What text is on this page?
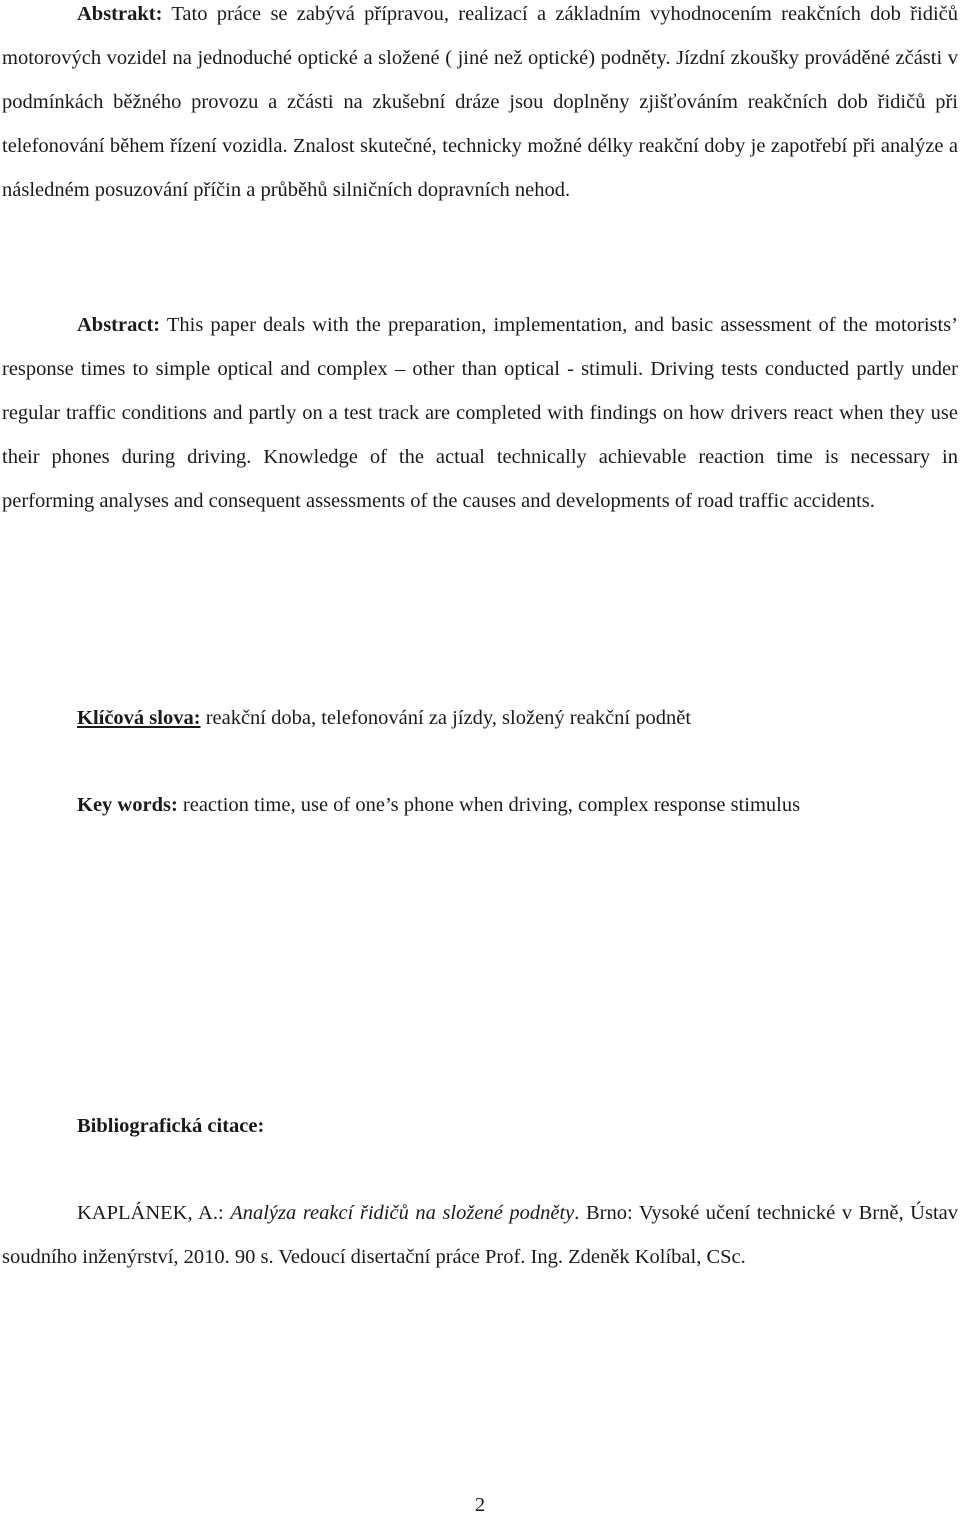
Abstrakt: Tato práce se zabývá přípravou, realizací a základním vyhodnocením reakčních dob řidičů motorových vozidel na jednoduché optické a složené ( jiné než optické) podněty. Jízdní zkoušky prováděné zčásti v podmínkách běžného provozu a zčásti na zkušební dráze jsou doplněny zjišťováním reakčních dob řidičů při telefonování během řízení vozidla. Znalost skutečné, technicky možné délky reakční doby je zapotřebí při analýze a následném posuzování příčin a průběhů silničních dopravních nehod.

Abstract: This paper deals with the preparation, implementation, and basic assessment of the motorists’ response times to simple optical and complex – other than optical - stimuli. Driving tests conducted partly under regular traffic conditions and partly on a test track are completed with findings on how drivers react when they use their phones during driving. Knowledge of the actual technically achievable reaction time is necessary in performing analyses and consequent assessments of the causes and developments of road traffic accidents.

Klíčová slova: reakční doba, telefonování za jízdy, složený reakční podnět

Key words: reaction time, use of one’s phone when driving, complex response stimulus

Bibliografická citace:

KAPLÁNEK, A.: Analýza reakcí řidičů na složené podněty. Brno: Vysoké učení technické v Brně, Ústav soudního inženýrství, 2010. 90 s. Vedoucí disertační práce Prof. Ing. Zdeněk Kolíbal, CSc.

2
